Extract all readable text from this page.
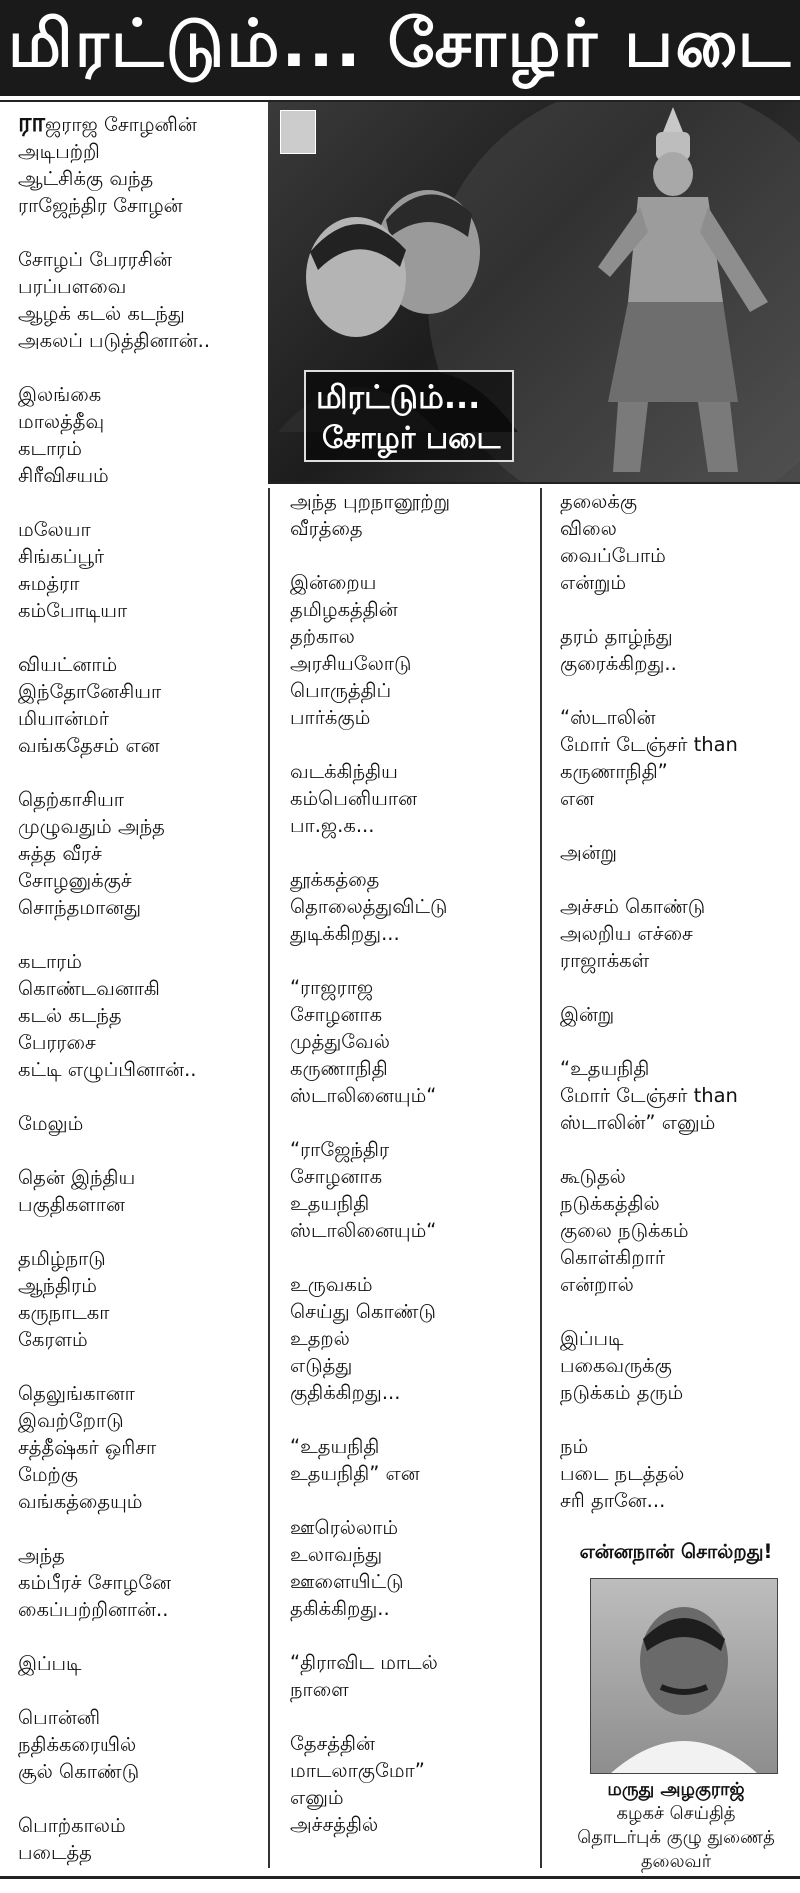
மிரட்டும்... சோழர் படை
மிரட்டும்...
சோழர் படை

ராஜராஜ சோழனின்
அடிபற்றி
ஆட்சிக்கு வந்த
ராஜேந்திர சோழன்

சோழப் பேரரசின்
பரப்பளவை
ஆழக் கடல் கடந்து
அகலப் படுத்தினான்..

இலங்கை
மாலத்தீவு
கடாரம்
சிரீவிசயம்

மலேயா
சிங்கப்பூர்
சுமத்ரா
கம்போடியா

வியட்னாம்
இந்தோனேசியா
மியான்மர்
வங்கதேசம் என

தெற்காசியா
முழுவதும் அந்த
சுத்த வீரச்
சோழனுக்குச்
சொந்தமானது

கடாரம்
கொண்டவனாகி
கடல் கடந்த
பேரரசை
கட்டி எழுப்பினான்..

மேலும்

தென் இந்திய
பகுதிகளான

தமிழ்நாடு
ஆந்திரம்
கருநாடகா
கேரளம்

தெலுங்கானா
இவற்றோடு
சத்தீஷ்கர் ஒரிசா
மேற்கு
வங்கத்தையும்

அந்த
கம்பீரச் சோழனே
கைப்பற்றினான்..

இப்படி

பொன்னி
நதிக்கரையில்
சூல் கொண்டு

பொற்காலம்
படைத்த

அந்த புறநானூற்று
வீரத்தை

இன்றைய
தமிழகத்தின்
தற்கால
அரசியலோடு
பொருத்திப்
பார்க்கும்

வடக்கிந்திய
கம்பெனியான
பா.ஜ.க...

தூக்கத்தை
தொலைத்துவிட்டு
துடிக்கிறது...

“ராஜராஜ
சோழனாக
முத்துவேல்
கருணாநிதி
ஸ்டாலினையும்“

“ராஜேந்திர
சோழனாக
உதயநிதி
ஸ்டாலினையும்“

உருவகம்
செய்து கொண்டு
உதறல்
எடுத்து
குதிக்கிறது...

“உதயநிதி
உதயநிதி” என

ஊரெல்லாம்
உலாவந்து
ஊளையிட்டு
தகிக்கிறது..

“திராவிட மாடல்
நாளை

தேசத்தின்
மாடலாகுமோ”
எனும்
அச்சத்தில்

தலைக்கு
விலை
வைப்போம்
என்றும்

தரம் தாழ்ந்து
குரைக்கிறது..

“ஸ்டாலின்
மோர் டேஞ்சர் than
கருணாநிதி”
என

அன்று

அச்சம் கொண்டு
அலறிய எச்சை
ராஜாக்கள்

இன்று

“உதயநிதி
மோர் டேஞ்சர் than
ஸ்டாலின்” எனும்

கூடுதல்
நடுக்கத்தில்
குலை நடுக்கம்
கொள்கிறார்
என்றால்

இப்படி
பகைவருக்கு
நடுக்கம் தரும்

நம்
படை நடத்தல்
சரி தானே...

என்னநான் சொல்றது!
மருது அழகுராஜ்
கழகச் செய்தித்
தொடர்புக் குழு துணைத்
தலைவர்
